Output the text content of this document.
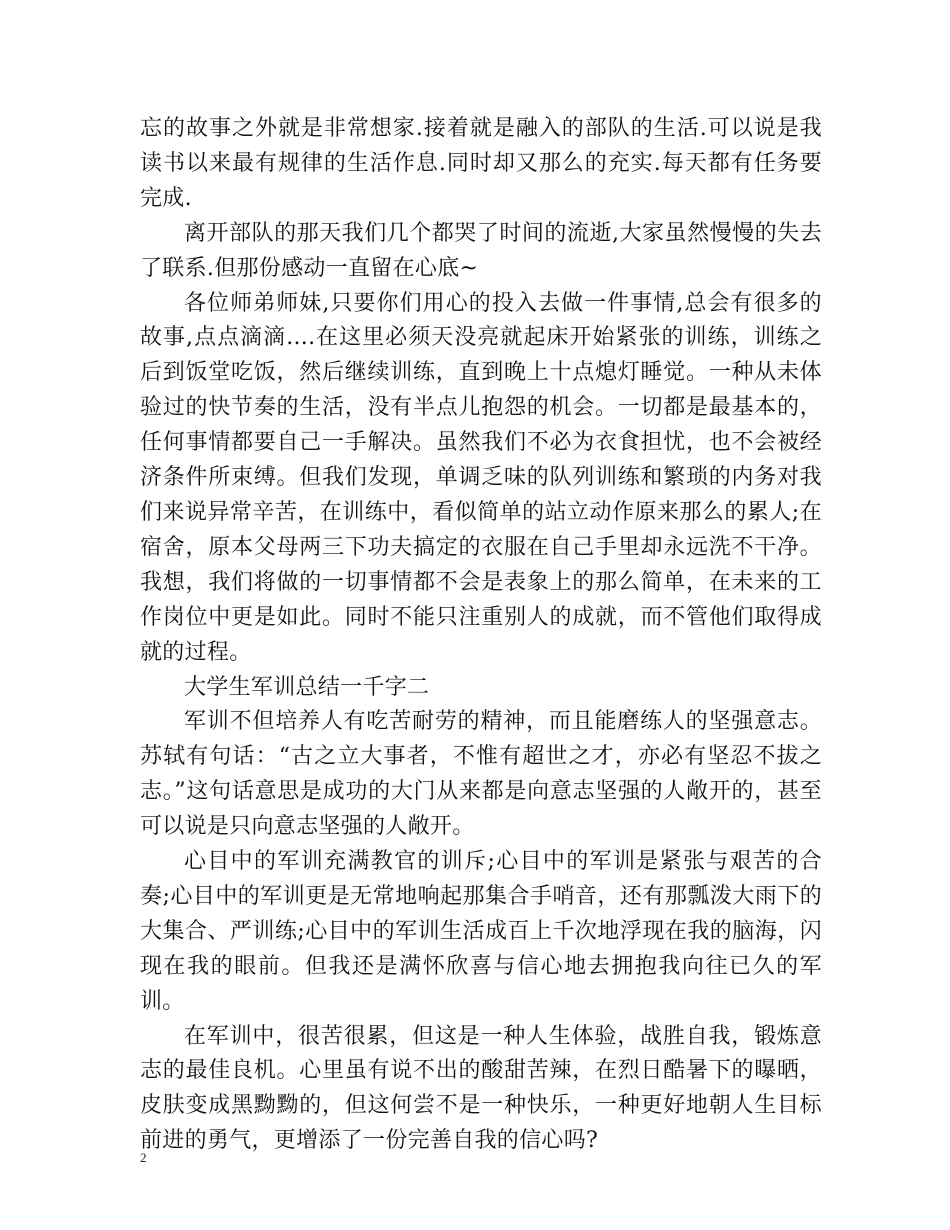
忘的故事之外就是非常想家.接着就是融入的部队的生活.可以说是我读书以来最有规律的生活作息.同时却又那么的充实.每天都有任务要完成.

离开部队的那天我们几个都哭了时间的流逝,大家虽然慢慢的失去了联系.但那份感动一直留在心底~

各位师弟师妹,只要你们用心的投入去做一件事情,总会有很多的故事,点点滴滴....在这里必须天没亮就起床开始紧张的训练，训练之后到饭堂吃饭，然后继续训练，直到晚上十点熄灯睡觉。一种从未体验过的快节奏的生活，没有半点儿抱怨的机会。一切都是最基本的，任何事情都要自己一手解决。虽然我们不必为衣食担忧，也不会被经济条件所束缚。但我们发现，单调乏味的队列训练和繁琐的内务对我们来说异常辛苦，在训练中，看似简单的站立动作原来那么的累人;在宿舍，原本父母两三下功夫搞定的衣服在自己手里却永远洗不干净。我想，我们将做的一切事情都不会是表象上的那么简单，在未来的工作岗位中更是如此。同时不能只注重别人的成就，而不管他们取得成就的过程。

大学生军训总结一千字二

军训不但培养人有吃苦耐劳的精神，而且能磨练人的坚强意志。苏轼有句话：“古之立大事者，不惟有超世之才，亦必有坚忍不拔之志。”这句话意思是成功的大门从来都是向意志坚强的人敞开的，甚至可以说是只向意志坚强的人敞开。

心目中的军训充满教官的训斥;心目中的军训是紧张与艰苦的合奏;心目中的军训更是无常地响起那集合手哨音，还有那瓢泼大雨下的大集合、严训练;心目中的军训生活成百上千次地浮现在我的脑海，闪现在我的眼前。但我还是满怀欣喜与信心地去拥抱我向往已久的军训。

在军训中，很苦很累，但这是一种人生体验，战胜自我，锻炼意志的最佳良机。心里虽有说不出的酸甜苦辣，在烈日酷暑下的曝晒，皮肤变成黑黝黝的，但这何尝不是一种快乐，一种更好地朝人生目标前进的勇气，更增添了一份完善自我的信心吗?

2
